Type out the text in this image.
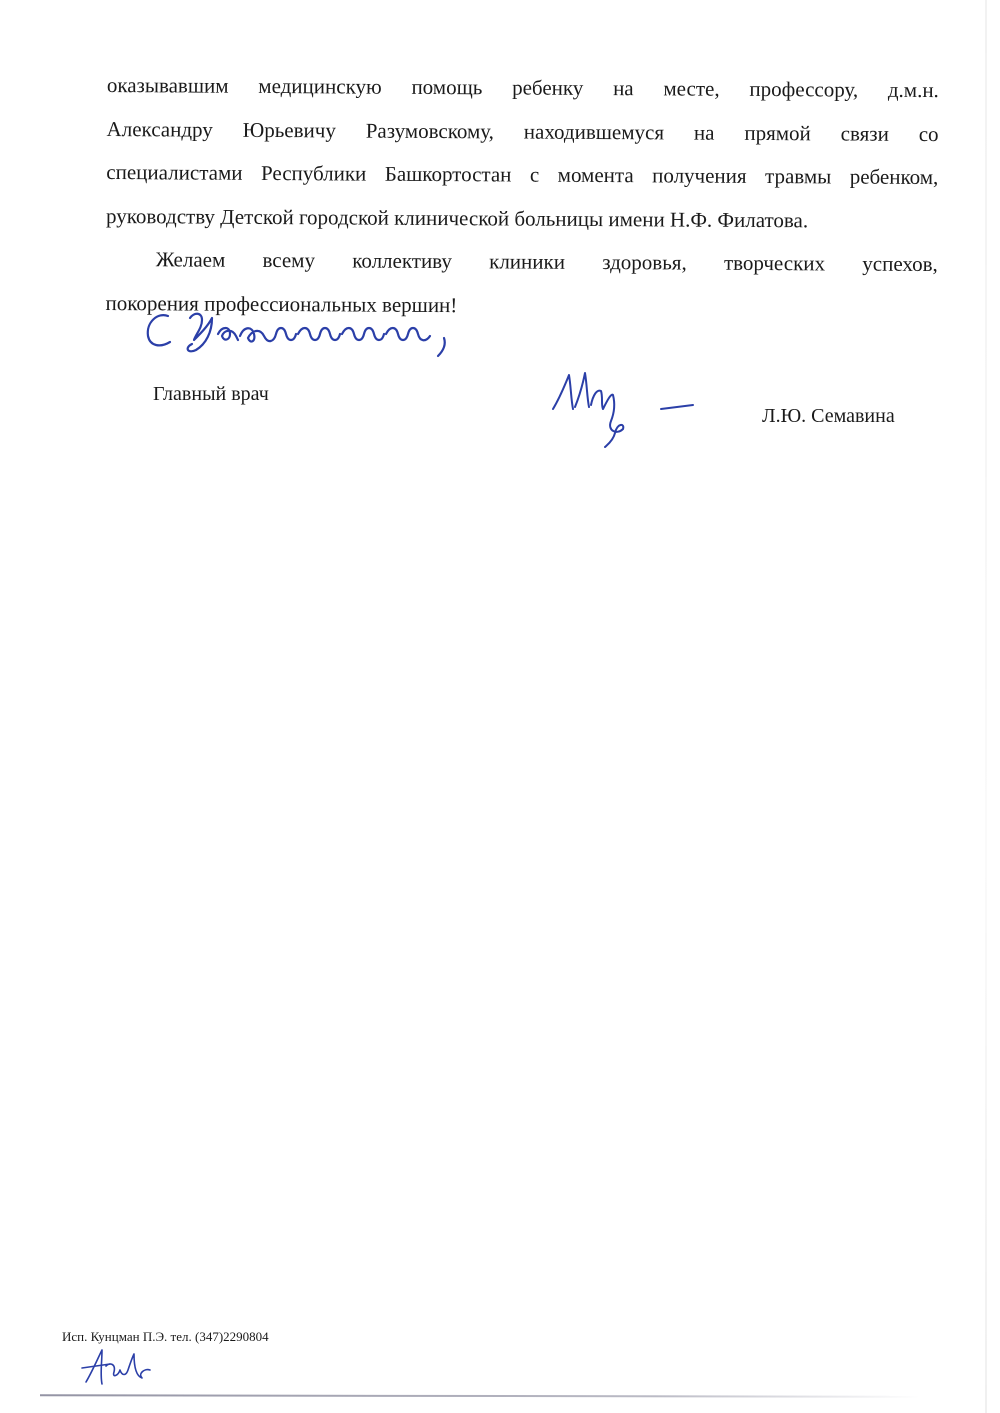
оказывавшим медицинскую помощь ребенку на месте, профессору, д.м.н.
Александру Юрьевичу Разумовскому, находившемуся на прямой связи со
специалистами Республики Башкортостан с момента получения травмы ребенком,
руководству Детской городской клинической больницы имени Н.Ф. Филатова.
Желаем всему коллективу клиники здоровья, творческих успехов,
покорения профессиональных вершин!
Главный врач
Л.Ю. Семавина
Исп. Кунцман П.Э. тел. (347)2290804
